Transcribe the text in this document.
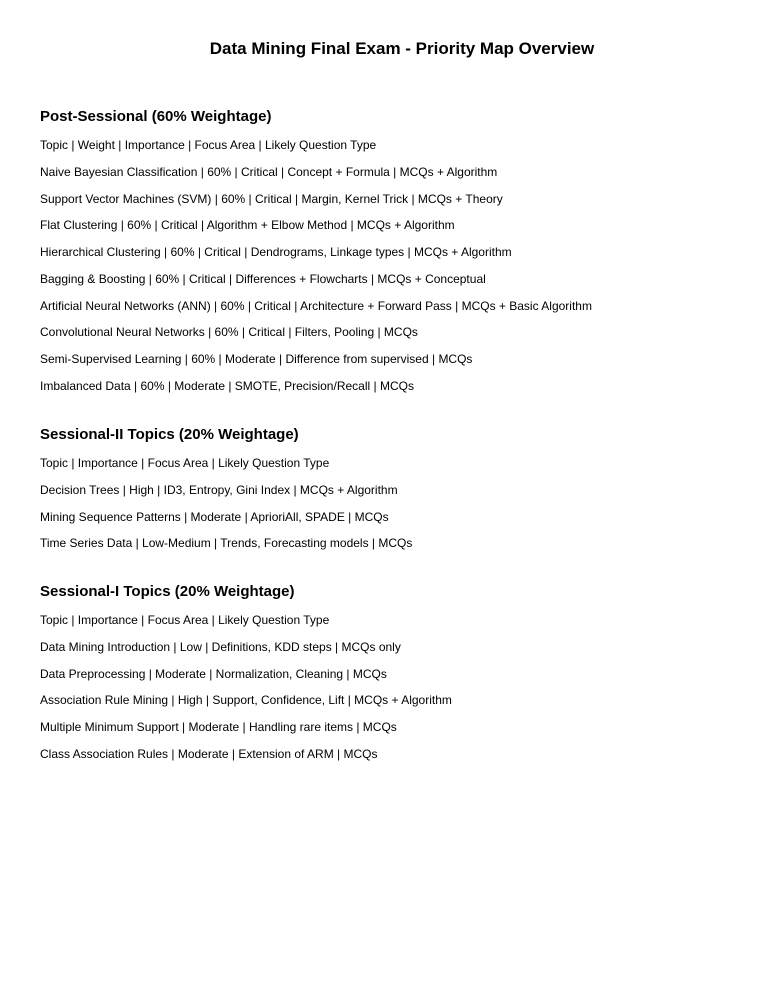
Data Mining Final Exam - Priority Map Overview
Post-Sessional (60% Weightage)
Topic | Weight | Importance | Focus Area | Likely Question Type
Naive Bayesian Classification | 60% | Critical | Concept + Formula | MCQs + Algorithm
Support Vector Machines (SVM) | 60% | Critical | Margin, Kernel Trick | MCQs + Theory
Flat Clustering | 60% | Critical | Algorithm + Elbow Method | MCQs + Algorithm
Hierarchical Clustering | 60% | Critical | Dendrograms, Linkage types | MCQs + Algorithm
Bagging & Boosting | 60% | Critical | Differences + Flowcharts | MCQs + Conceptual
Artificial Neural Networks (ANN) | 60% | Critical | Architecture + Forward Pass | MCQs + Basic Algorithm
Convolutional Neural Networks | 60% | Critical | Filters, Pooling | MCQs
Semi-Supervised Learning | 60% | Moderate | Difference from supervised | MCQs
Imbalanced Data | 60% | Moderate | SMOTE, Precision/Recall | MCQs
Sessional-II Topics (20% Weightage)
Topic | Importance | Focus Area | Likely Question Type
Decision Trees | High | ID3, Entropy, Gini Index | MCQs + Algorithm
Mining Sequence Patterns | Moderate | AprioriAll, SPADE | MCQs
Time Series Data | Low-Medium | Trends, Forecasting models | MCQs
Sessional-I Topics (20% Weightage)
Topic | Importance | Focus Area | Likely Question Type
Data Mining Introduction | Low | Definitions, KDD steps | MCQs only
Data Preprocessing | Moderate | Normalization, Cleaning | MCQs
Association Rule Mining | High | Support, Confidence, Lift | MCQs + Algorithm
Multiple Minimum Support | Moderate | Handling rare items | MCQs
Class Association Rules | Moderate | Extension of ARM | MCQs
